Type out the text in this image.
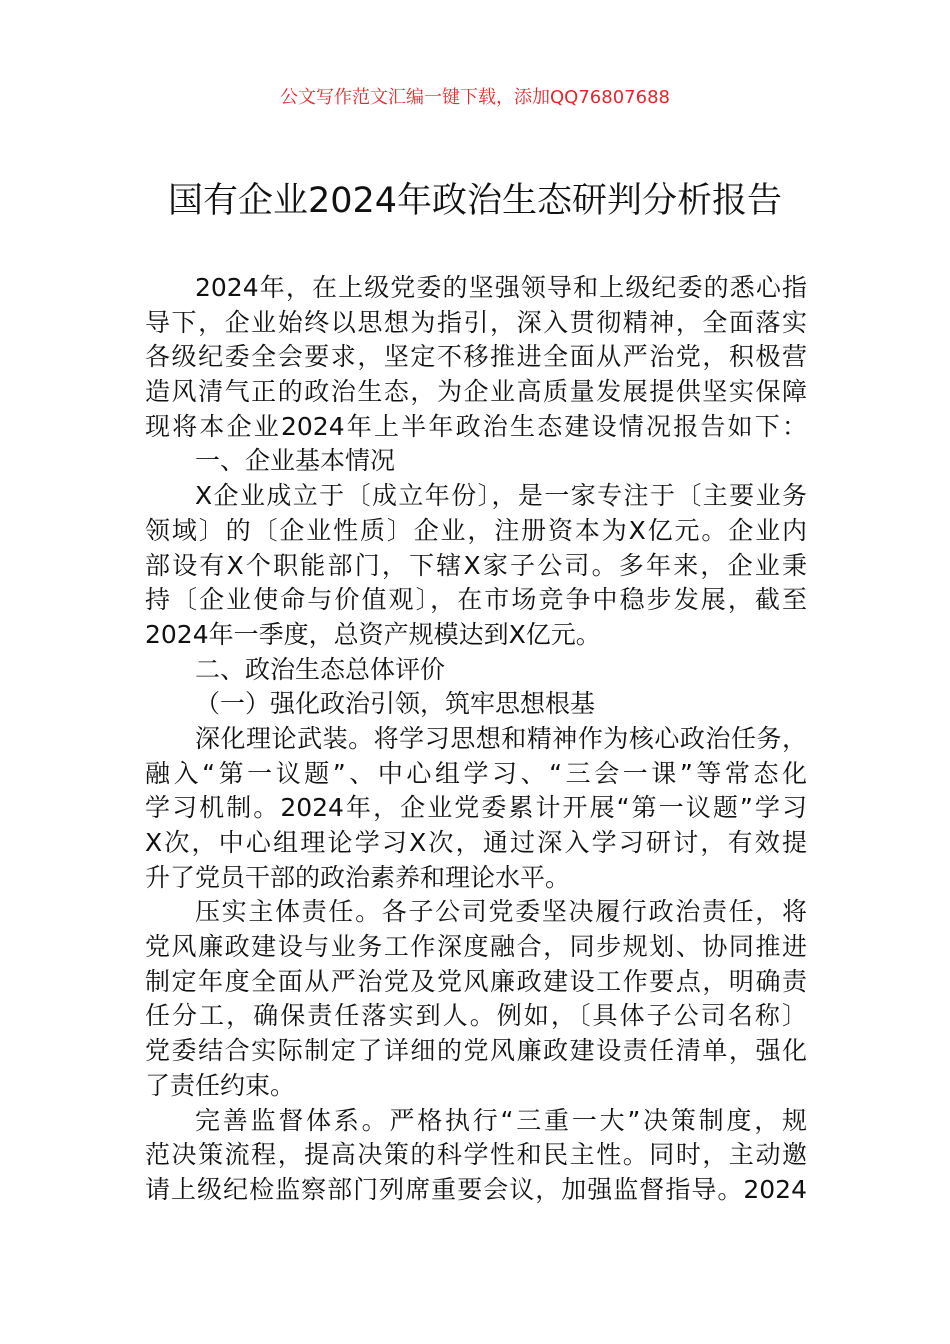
公文写作范文汇编一键下载，添加QQ76807688
国有企业2024年政治生态研判分析报告
2024年，在上级党委的坚强领导和上级纪委的悉心指
导下，企业始终以思想为指引，深入贯彻精神，全面落实
各级纪委全会要求，坚定不移推进全面从严治党，积极营
造风清气正的政治生态，为企业高质量发展提供坚实保障
现将本企业2024年上半年政治生态建设情况报告如下：
一、企业基本情况
X企业成立于〔成立年份〕，是一家专注于〔主要业务
领域〕的〔企业性质〕企业，注册资本为X亿元。企业内
部设有X个职能部门，下辖X家子公司。多年来，企业秉
持〔企业使命与价值观〕，在市场竞争中稳步发展，截至
2024年一季度，总资产规模达到X亿元。
二、政治生态总体评价
（一）强化政治引领，筑牢思想根基
深化理论武装。将学习思想和精神作为核心政治任务，
融入“第一议题”、中心组学习、“三会一课”等常态化
学习机制。2024年，企业党委累计开展“第一议题”学习
X次，中心组理论学习X次，通过深入学习研讨，有效提
升了党员干部的政治素养和理论水平。
压实主体责任。各子公司党委坚决履行政治责任，将
党风廉政建设与业务工作深度融合，同步规划、协同推进
制定年度全面从严治党及党风廉政建设工作要点，明确责
任分工，确保责任落实到人。例如，〔具体子公司名称〕
党委结合实际制定了详细的党风廉政建设责任清单，强化
了责任约束。
完善监督体系。严格执行“三重一大”决策制度，规
范决策流程，提高决策的科学性和民主性。同时，主动邀
请上级纪检监察部门列席重要会议，加强监督指导。2024
